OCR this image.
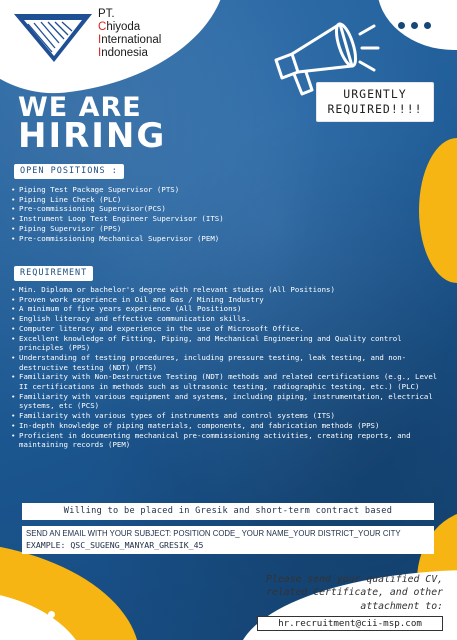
PT.
Chiyoda
International
Indonesia
URGENTLY
REQUIRED!!!!
WE ARE
HIRING
OPEN POSITIONS :
• Piping Test Package Supervisor (PTS)
• Piping Line Check (PLC)
• Pre-commissioning Supervisor(PCS)
• Instrument Loop Test Engineer Supervisor (ITS)
• Piping Supervisor (PPS)
• Pre-commissioning Mechanical Supervisor (PEM)
REQUIREMENT
• Min. Diploma or bachelor's degree with relevant studies (All Positions)
• Proven work experience in Oil and Gas / Mining Industry
• A minimum of five years experience (All Positions)
• English literacy and effective communication skills.
• Computer literacy and experience in the use of Microsoft Office.
• Excellent knowledge of Fitting, Piping, and Mechanical Engineering and Quality control principles (PPS)
• Understanding of testing procedures, including pressure testing, leak testing, and non-destructive testing (NDT) (PTS)
• Familiarity with Non-Destructive Testing (NDT) methods and related certifications (e.g., Level II certifications in methods such as ultrasonic testing, radiographic testing, etc.) (PLC)
• Familiarity with various equipment and systems, including piping, instrumentation, electrical systems, etc (PCS)
• Familiarity with various types of instruments and control systems (ITS)
• In-depth knowledge of piping materials, components, and fabrication methods (PPS)
• Proficient in documenting mechanical pre-commissioning activities, creating reports, and maintaining records (PEM)
Willing to be placed in Gresik and short-term contract based
SEND AN EMAIL WITH YOUR SUBJECT: POSITION CODE_ YOUR NAME_YOUR DISTRICT_YOUR CITY
EXAMPLE: QSC_SUGENG_MANYAR_GRESIK_45
Please send your qualified CV,
related Certificate, and other
attachment to:
hr.recruitment@cii-msp.com
